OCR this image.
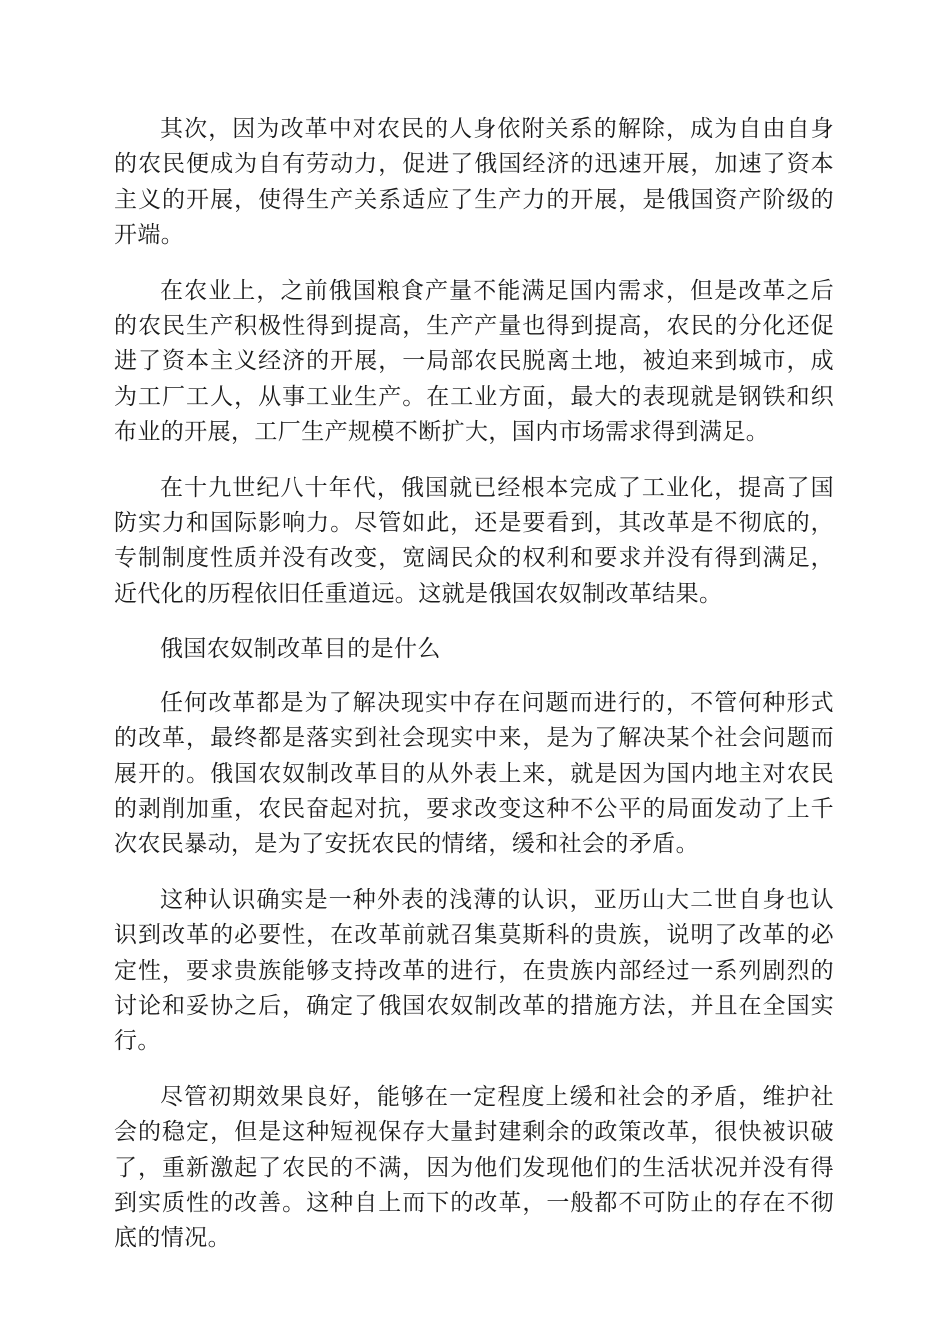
其次，因为改革中对农民的人身依附关系的解除，成为自由自身的农民便成为自有劳动力，促进了俄国经济的迅速开展，加速了资本主义的开展，使得生产关系适应了生产力的开展，是俄国资产阶级的开端。

在农业上，之前俄国粮食产量不能满足国内需求，但是改革之后的农民生产积极性得到提高，生产产量也得到提高，农民的分化还促进了资本主义经济的开展，一局部农民脱离土地，被迫来到城市，成为工厂工人，从事工业生产。在工业方面，最大的表现就是钢铁和织布业的开展，工厂生产规模不断扩大，国内市场需求得到满足。

在十九世纪八十年代，俄国就已经根本完成了工业化，提高了国防实力和国际影响力。尽管如此，还是要看到，其改革是不彻底的，专制制度性质并没有改变，宽阔民众的权利和要求并没有得到满足，近代化的历程依旧任重道远。这就是俄国农奴制改革结果。

俄国农奴制改革目的是什么

任何改革都是为了解决现实中存在问题而进行的，不管何种形式的改革，最终都是落实到社会现实中来，是为了解决某个社会问题而展开的。俄国农奴制改革目的从外表上来，就是因为国内地主对农民的剥削加重，农民奋起对抗，要求改变这种不公平的局面发动了上千次农民暴动，是为了安抚农民的情绪，缓和社会的矛盾。

这种认识确实是一种外表的浅薄的认识，亚历山大二世自身也认识到改革的必要性，在改革前就召集莫斯科的贵族，说明了改革的必定性，要求贵族能够支持改革的进行，在贵族内部经过一系列剧烈的讨论和妥协之后，确定了俄国农奴制改革的措施方法，并且在全国实行。

尽管初期效果良好，能够在一定程度上缓和社会的矛盾，维护社会的稳定，但是这种短视保存大量封建剩余的政策改革，很快被识破了，重新激起了农民的不满，因为他们发现他们的生活状况并没有得到实质性的改善。这种自上而下的改革，一般都不可防止的存在不彻底的情况。
